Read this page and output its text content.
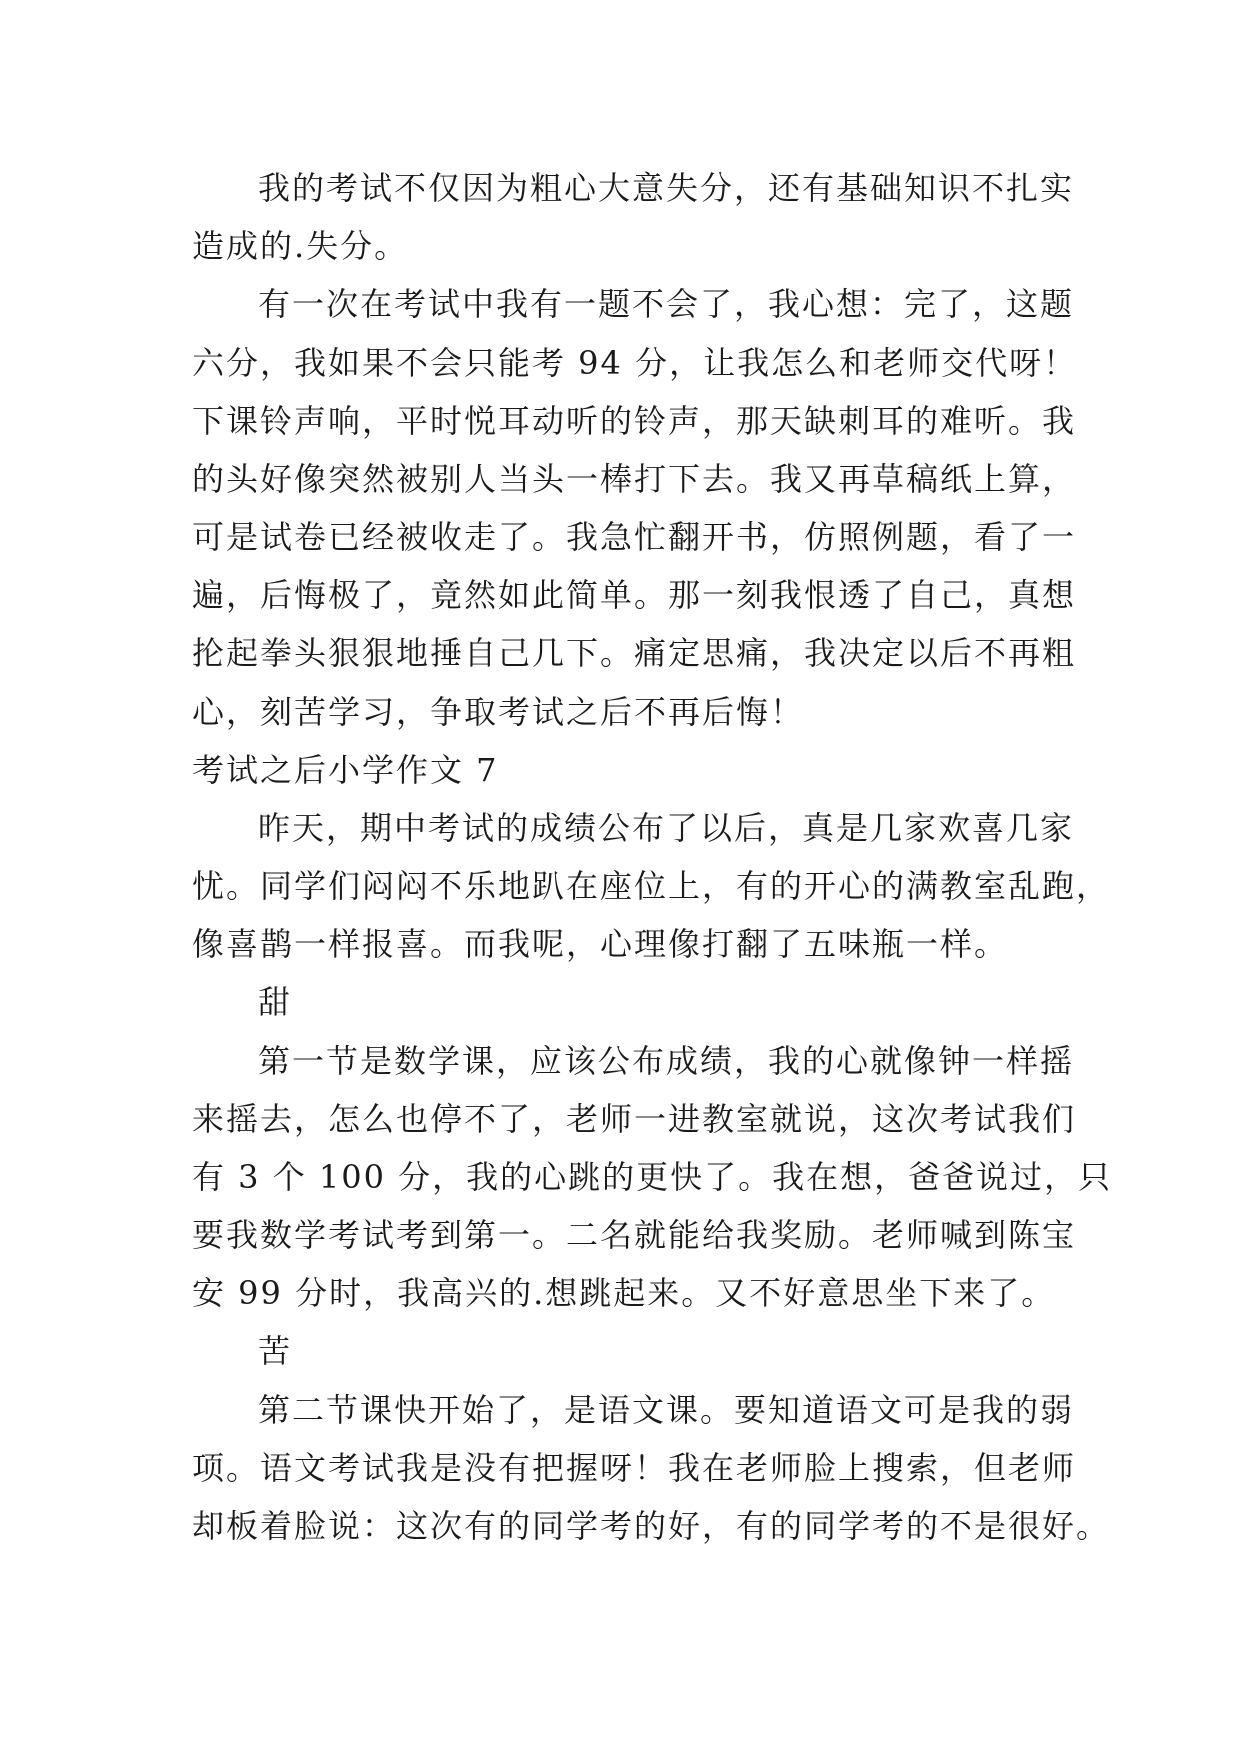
我的考试不仅因为粗心大意失分，还有基础知识不扎实

造成的.失分。

有一次在考试中我有一题不会了，我心想：完了，这题

六分，我如果不会只能考 94 分，让我怎么和老师交代呀！

下课铃声响，平时悦耳动听的铃声，那天缺刺耳的难听。我

的头好像突然被别人当头一棒打下去。我又再草稿纸上算，

可是试卷已经被收走了。我急忙翻开书，仿照例题，看了一

遍，后悔极了，竟然如此简单。那一刻我恨透了自己，真想

抡起拳头狠狠地捶自己几下。痛定思痛，我决定以后不再粗

心，刻苦学习，争取考试之后不再后悔！

考试之后小学作文 7

昨天，期中考试的成绩公布了以后，真是几家欢喜几家

忧。同学们闷闷不乐地趴在座位上，有的开心的满教室乱跑，

像喜鹊一样报喜。而我呢，心理像打翻了五味瓶一样。

甜

第一节是数学课，应该公布成绩，我的心就像钟一样摇

来摇去，怎么也停不了，老师一进教室就说，这次考试我们

有 3 个 100 分，我的心跳的更快了。我在想，爸爸说过，只

要我数学考试考到第一。二名就能给我奖励。老师喊到陈宝

安 99 分时，我高兴的.想跳起来。又不好意思坐下来了。

苦

第二节课快开始了，是语文课。要知道语文可是我的弱

项。语文考试我是没有把握呀！我在老师脸上搜索，但老师

却板着脸说：这次有的同学考的好，有的同学考的不是很好。
